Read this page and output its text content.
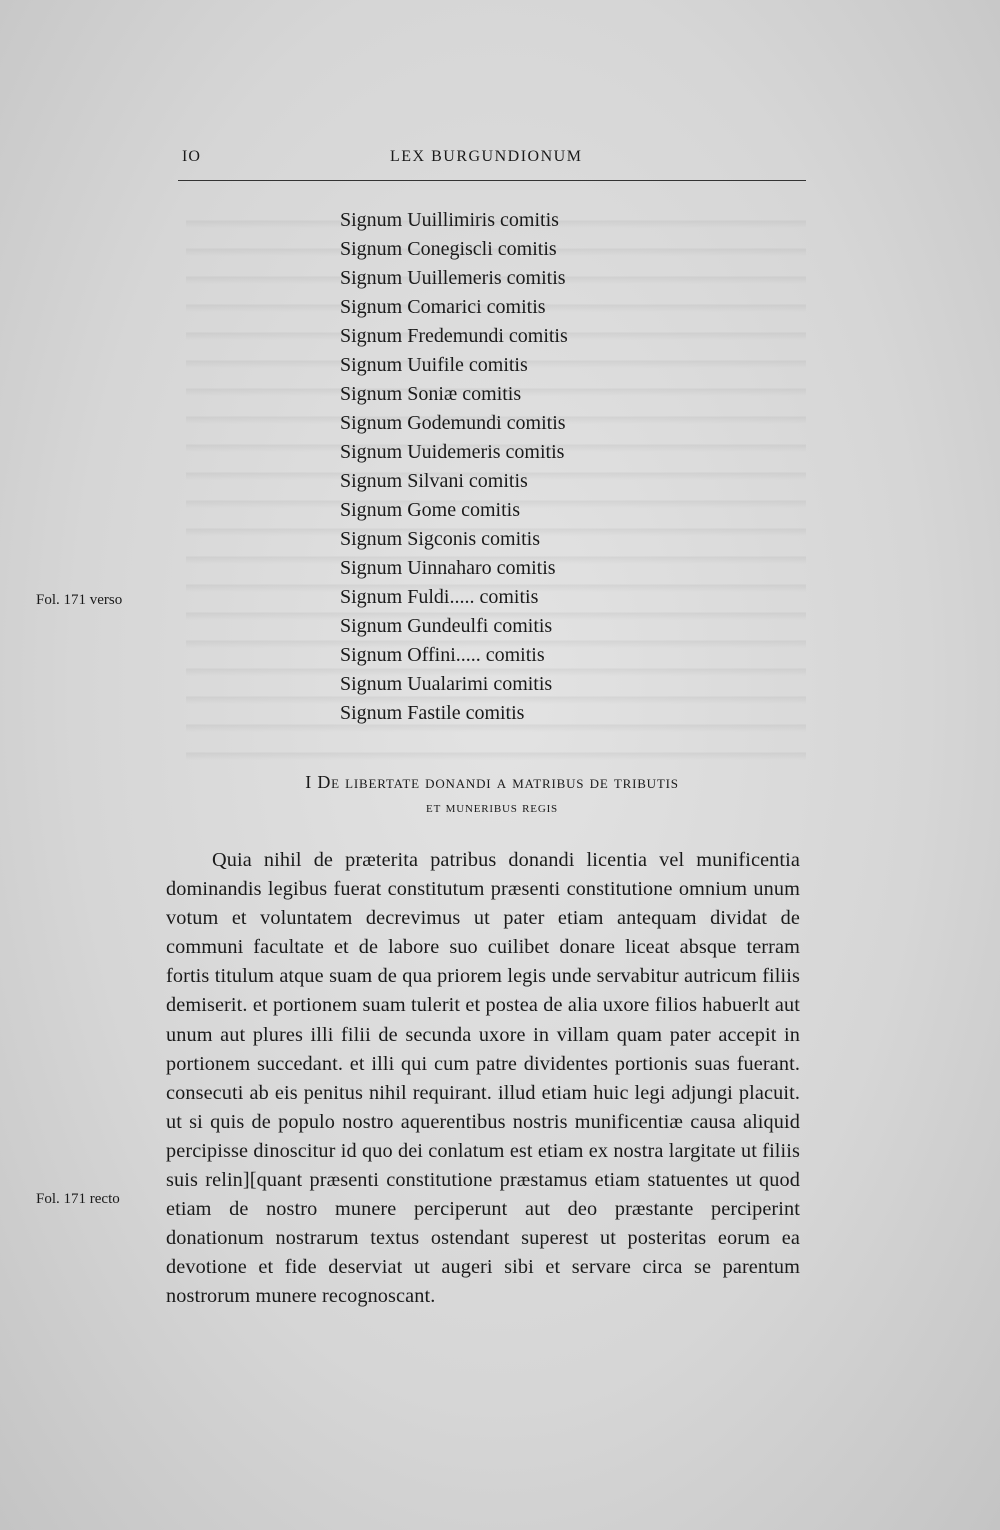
IO	LEX BURGUNDIONUM
Signum Uuillimiris comitis
Signum Conegiscli comitis
Signum Uuillemeris comitis
Signum Comarici comitis
Signum Fredemundi comitis
Signum Uuifile comitis
Signum Soniæ comitis
Signum Godemundi comitis
Signum Uuidemeris comitis
Signum Silvani comitis
Signum Gome comitis
Signum Sigconis comitis
Signum Uinnaharo comitis
Signum Fuldi..... comitis
Signum Gundeulfi comitis
Signum Offini..... comitis
Signum Uualarimi comitis
Signum Fastile comitis
Fol. 171 verso
Fol. 171 recto
I De libertate donandi a matribus de tributis
et muneribus regis

Quia nihil de præterita patribus donandi licentia vel munificentia dominandis legibus fuerat constitutum præsenti constitutione omnium unum votum et voluntatem decrevimus ut pater etiam antequam dividat de communi facultate et de labore suo cuilibet donare liceat absque terram fortis titulum atque suam de qua priorem legis unde servabitur autricum filiis demiserit. et portionem suam tulerit et postea de alia uxore filios habuerlt aut unum aut plures illi filii de secunda uxore in villam quam pater accepit in portionem succedant. et illi qui cum patre dividentes portionis suas fuerant. consecuti ab eis penitus nihil requirant. illud etiam huic legi adjungi placuit. ut si quis de populo nostro aquerentibus nostris munificentiæ causa aliquid percipisse dinoscitur id quo dei conlatum est etiam ex nostra largitate ut filiis suis relin][quant præsenti constitutione præstamus etiam statuentes ut quod etiam de nostro munere perciperunt aut deo præstante perciperint donationum nostrarum textus ostendant superest ut posteritas eorum ea devotione et fide deserviat ut augeri sibi et servare circa se parentum nostrorum munere recognoscant.
